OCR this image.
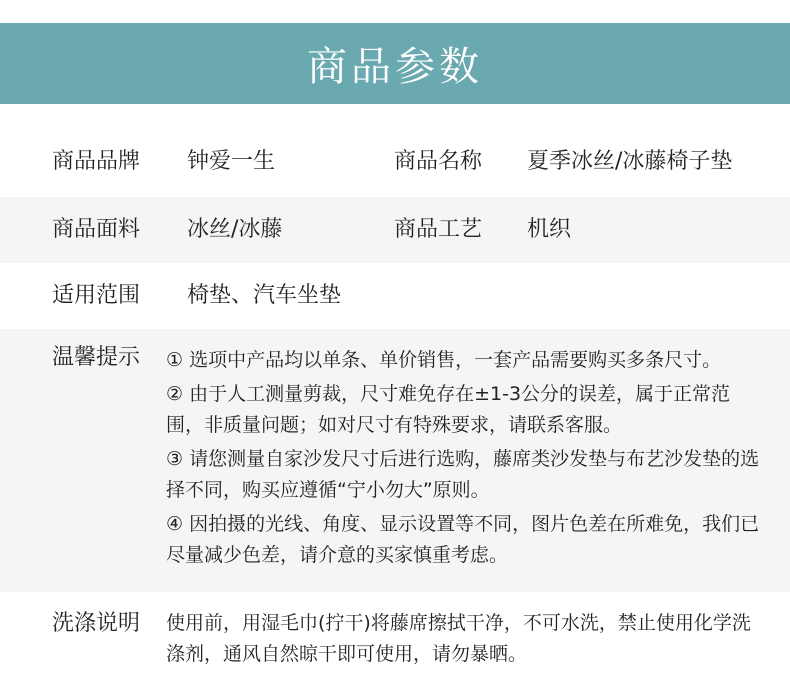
商品参数
商品品牌 钟爱一生	商品名称 夏季冰丝/冰藤椅子垫
商品面料 冰丝/冰藤	商品工艺 机织
适用范围 椅垫、汽车坐垫
温馨提示 ① 选项中产品均以单条、单价销售，一套产品需要购买多条尺寸。
② 由于人工测量剪裁，尺寸难免存在±1-3公分的误差，属于正常范围，非质量问题；如对尺寸有特殊要求，请联系客服。
③ 请您测量自家沙发尺寸后进行选购，藤席类沙发垫与布艺沙发垫的选择不同，购买应遵循“宁小勿大”原则。
④ 因拍摄的光线、角度、显示设置等不同，图片色差在所难免，我们已尽量减少色差，请介意的买家慎重考虑。
洗涤说明 使用前，用湿毛巾(拧干)将藤席擦拭干净，不可水洗，禁止使用化学洗涤剂，通风自然晾干即可使用，请勿暴晒。
